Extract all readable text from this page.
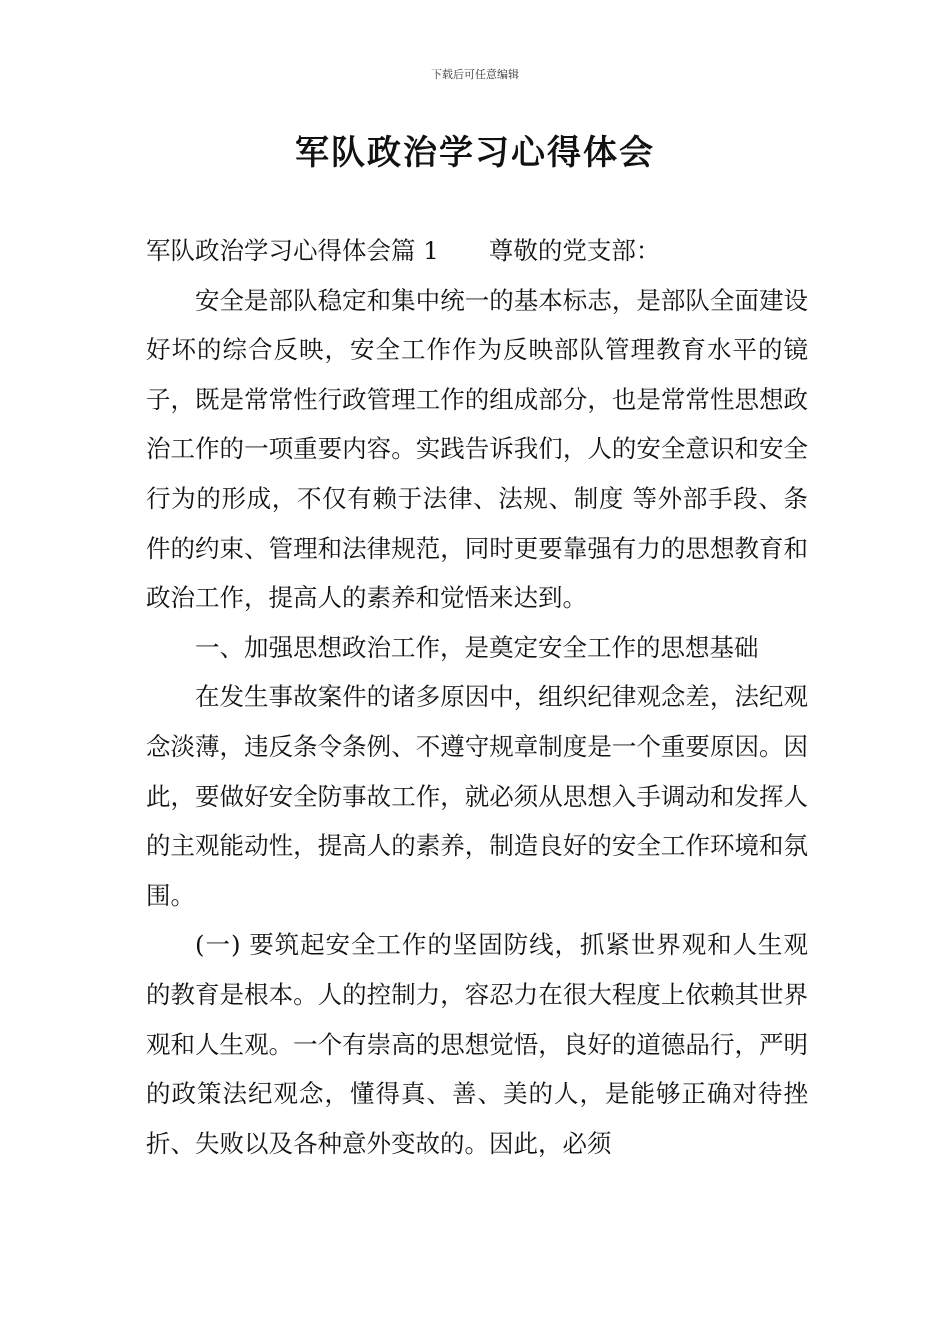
下载后可任意编辑
军队政治学习心得体会

军队政治学习心得体会篇 1 尊敬的党支部：

安全是部队稳定和集中统一的基本标志，是部队全面建设好坏的综合反映，安全工作作为反映部队管理教育水平的镜子，既是常常性行政管理工作的组成部分，也是常常性思想政治工作的一项重要内容。实践告诉我们，人的安全意识和安全行为的形成，不仅有赖于法律、法规、制度 等外部手段、条件的约束、管理和法律规范，同时更要靠强有力的思想教育和政治工作，提高人的素养和觉悟来达到。

一、加强思想政治工作，是奠定安全工作的思想基础

在发生事故案件的诸多原因中，组织纪律观念差，法纪观念淡薄，违反条令条例、不遵守规章制度是一个重要原因。因此，要做好安全防事故工作，就必须从思想入手调动和发挥人的主观能动性，提高人的素养，制造良好的安全工作环境和氛围。

(一) 要筑起安全工作的坚固防线，抓紧世界观和人生观的教育是根本。人的控制力，容忍力在很大程度上依赖其世界观和人生观。一个有崇高的思想觉悟，良好的道德品行，严明的政策法纪观念，懂得真、善、美的人，是能够正确对待挫折、失败以及各种意外变故的。因此，必须
